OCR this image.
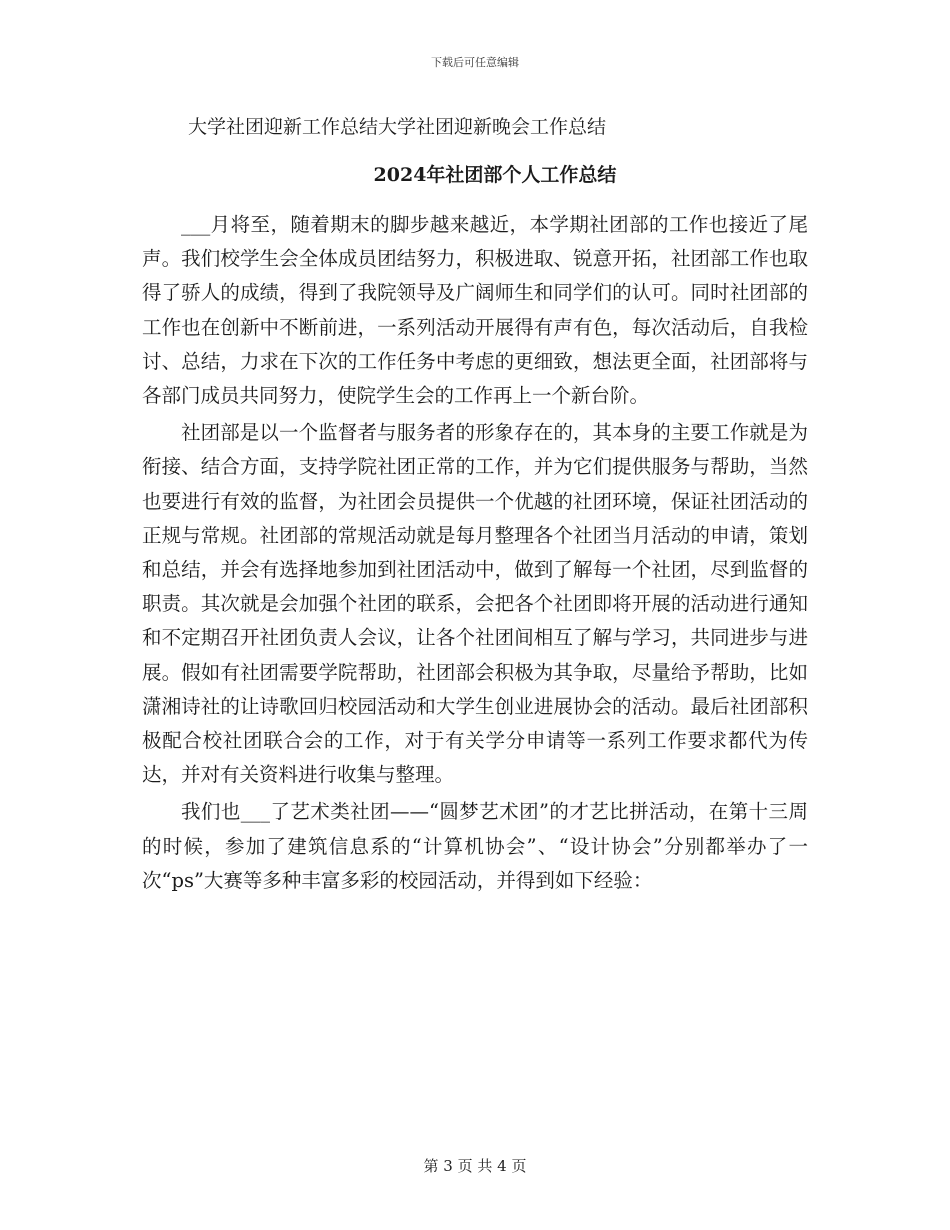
下载后可任意编辑
大学社团迎新工作总结大学社团迎新晚会工作总结
2024年社团部个人工作总结

___月将至，随着期末的脚步越来越近，本学期社团部的工作也接近了尾声。我们校学生会全体成员团结努力，积极进取、锐意开拓，社团部工作也取得了骄人的成绩，得到了我院领导及广阔师生和同学们的认可。同时社团部的工作也在创新中不断前进，一系列活动开展得有声有色，每次活动后，自我检讨、总结，力求在下次的工作任务中考虑的更细致，想法更全面，社团部将与各部门成员共同努力，使院学生会的工作再上一个新台阶。

社团部是以一个监督者与服务者的形象存在的，其本身的主要工作就是为衔接、结合方面，支持学院社团正常的工作，并为它们提供服务与帮助，当然也要进行有效的监督，为社团会员提供一个优越的社团环境，保证社团活动的正规与常规。社团部的常规活动就是每月整理各个社团当月活动的申请，策划和总结，并会有选择地参加到社团活动中，做到了解每一个社团，尽到监督的职责。其次就是会加强个社团的联系，会把各个社团即将开展的活动进行通知和不定期召开社团负责人会议，让各个社团间相互了解与学习，共同进步与进展。假如有社团需要学院帮助，社团部会积极为其争取，尽量给予帮助，比如潇湘诗社的让诗歌回归校园活动和大学生创业进展协会的活动。最后社团部积极配合校社团联合会的工作，对于有关学分申请等一系列工作要求都代为传达，并对有关资料进行收集与整理。

我们也___了艺术类社团——“圆梦艺术团”的才艺比拼活动，在第十三周的时候，参加了建筑信息系的“计算机协会”、“设计协会”分别都举办了一次“ps”大赛等多种丰富多彩的校园活动，并得到如下经验：

第 3 页 共 4 页
